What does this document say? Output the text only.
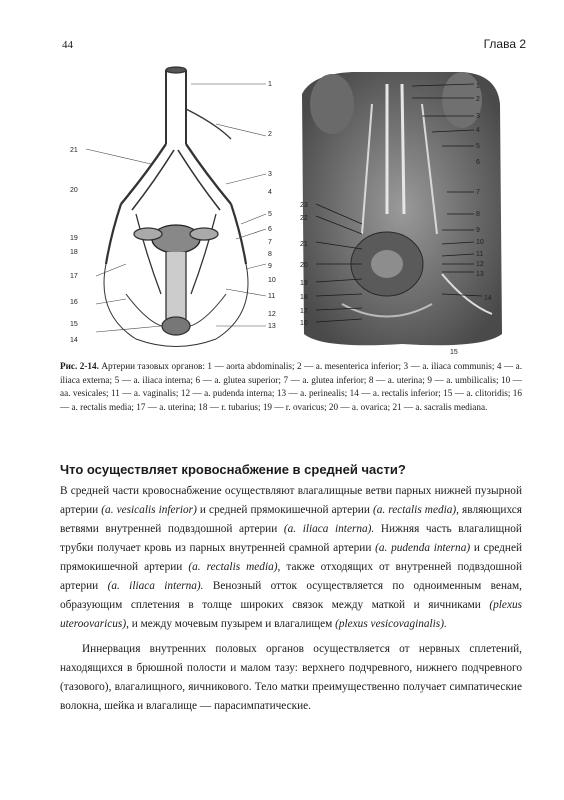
44	Глава 2
1
2
3
4
5
6
7
8
9
10
11
12
13
14
15
16
17
18
19
20
21
1
2
3
4
5
6
7
8
9
10
11
12
13
14
15
16
17
18
19
20
21
22
23
Рис. 2-14. Артерии тазовых органов: 1 — aorta abdominalis; 2 — a. mesenterica inferior; 3 — a. iliaca communis; 4 — a. iliaca externa; 5 — a. iliaca interna; 6 — a. glutea superior; 7 — a. glutea inferior; 8 — a. uterina; 9 — a. umbilicalis; 10 — aa. vesicales; 11 — a. vaginalis; 12 — a. pudenda interna; 13 — a. perinealis; 14 — a. rectalis inferior; 15 — a. clitoridis; 16 — a. rectalis media; 17 — a. uterina; 18 — r. tubarius; 19 — r. ovaricus; 20 — a. ovarica; 21 — a. sacralis mediana.
Что осуществляет кровоснабжение в средней части?
В средней части кровоснабжение осуществляют влагалищные ветви парных нижней пузырной артерии (a. vesicalis inferior) и средней прямокишечной артерии (a. rectalis media), являющихся ветвями внутренней подвздошной артерии (a. iliaca interna). Нижняя часть влагалищной трубки получает кровь из парных внутренней срамной артерии (a. pudenda interna) и средней прямокишечной артерии (a. rectalis media), также отходящих от внутренней подвздошной артерии (a. iliaca interna). Венозный отток осуществляется по одноименным венам, образующим сплетения в толще широких связок между маткой и яичниками (plexus uteroovaricus), и между мочевым пузырем и влагалищем (plexus vesicovaginalis).
Иннервация внутренних половых органов осуществляется от нервных сплетений, находящихся в брюшной полости и малом тазу: верхнего подчревного, нижнего подчревного (тазового), влагалищного, яичникового. Тело матки преимущественно получает симпатические волокна, шейка и влагалище — парасимпатические.
